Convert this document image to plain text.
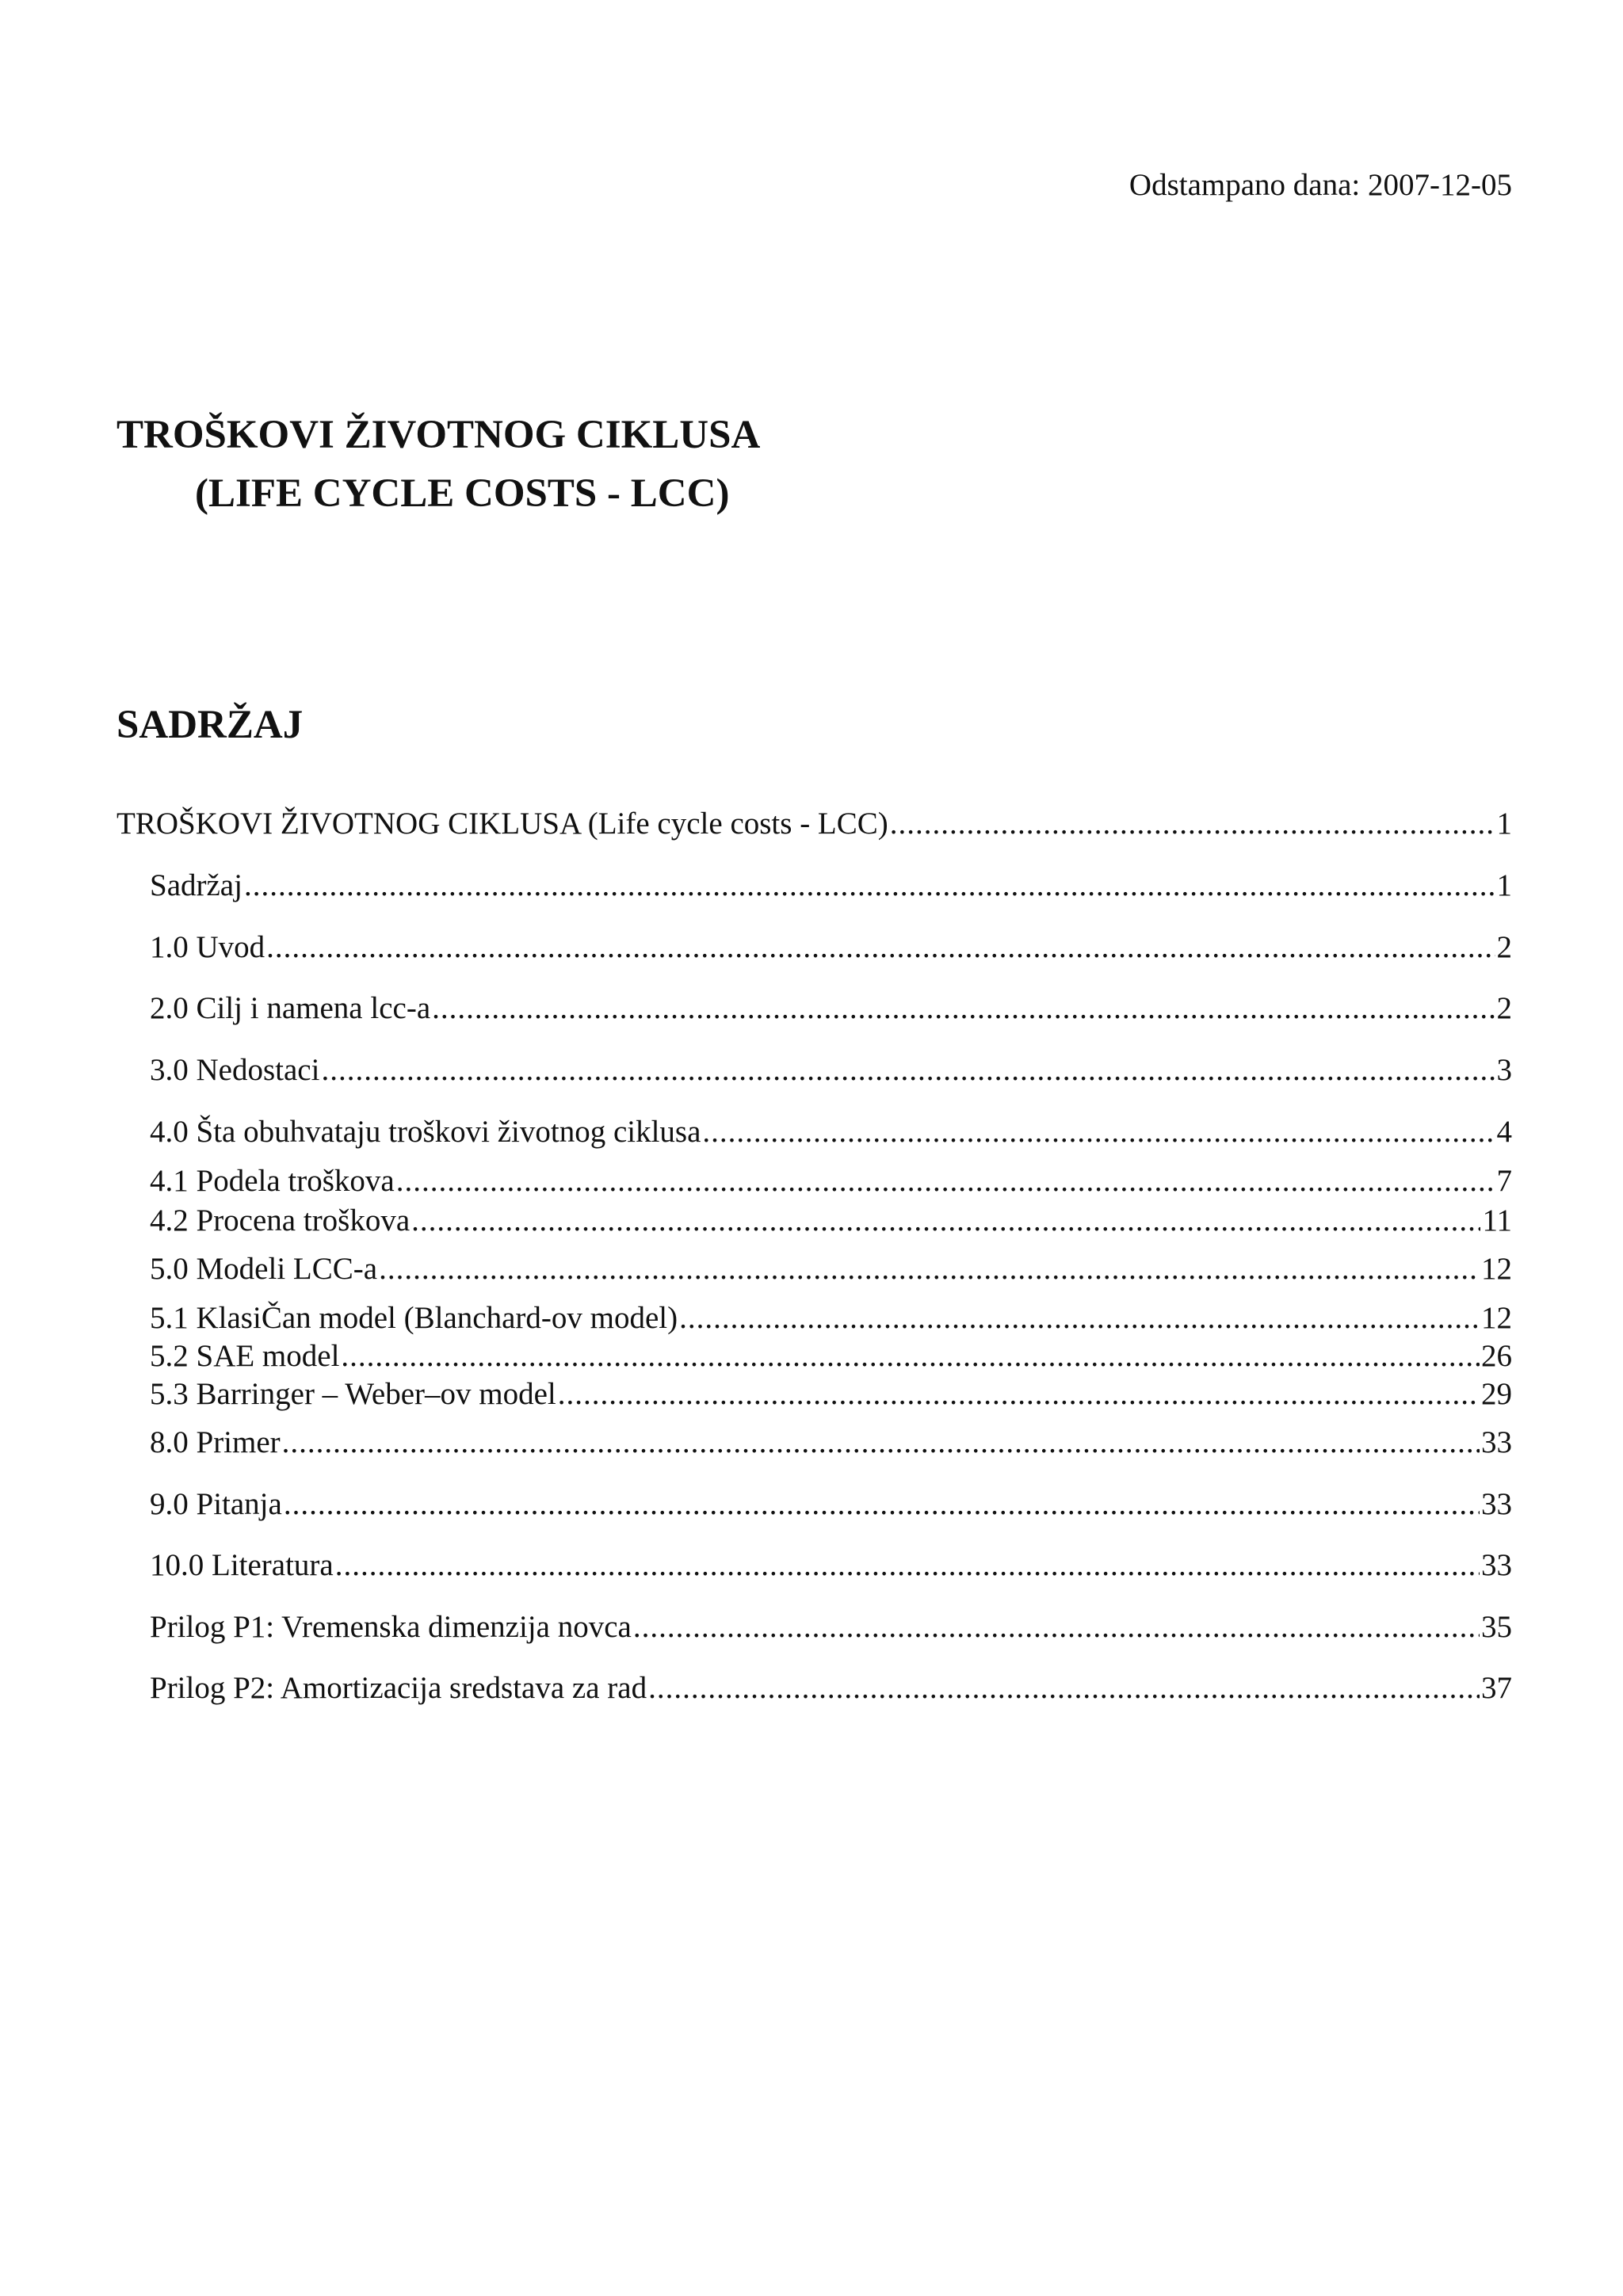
Odstampano dana: 2007-12-05
TROŠKOVI ŽIVOTNOG CIKLUSA
(LIFE CYCLE COSTS - LCC)
SADRŽAJ
TROŠKOVI ŽIVOTNOG CIKLUSA (Life cycle costs - LCC) .....	1
Sadržaj .....	1
1.0 Uvod .....	2
2.0 Cilj i namena lcc-a .....	2
3.0 Nedostaci .....	3
4.0 Šta obuhvataju troškovi životnog ciklusa .....	4
4.1 Podela troškova .....	7
4.2 Procena troškova .....	11
5.0 Modeli LCC-a .....	12
5.1 KlasiČan model (Blanchard-ov model) .....	12
5.2 SAE model .....	26
5.3 Barringer – Weber–ov model .....	29
8.0 Primer .....	33
9.0 Pitanja .....	33
10.0 Literatura .....	33
Prilog P1: Vremenska dimenzija novca .....	35
Prilog P2: Amortizacija sredstava za rad .....	37
